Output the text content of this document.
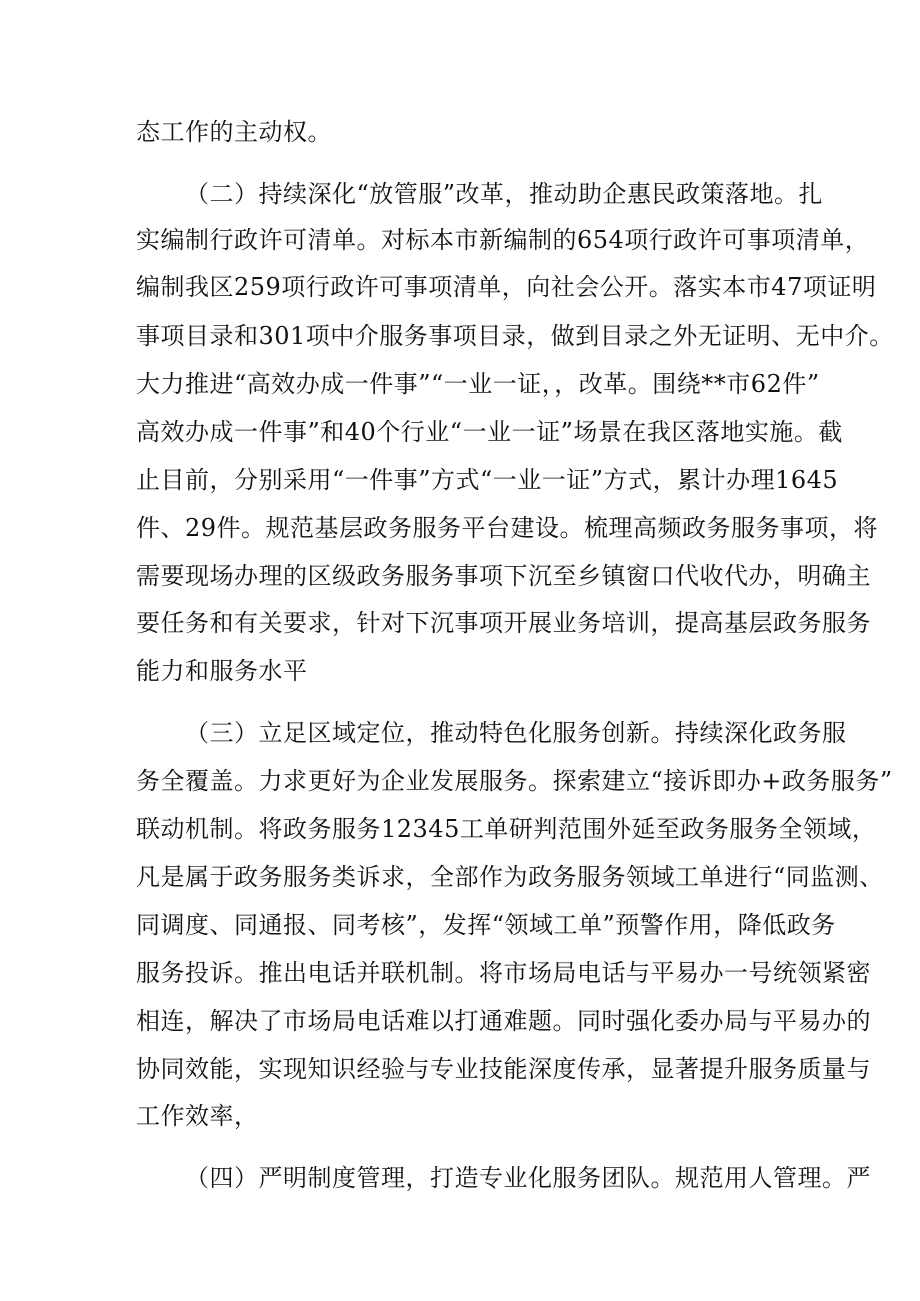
态工作的主动权。
（二）持续深化“放管服”改革，推动助企惠民政策落地。扎
实编制行政许可清单。对标本市新编制的654项行政许可事项清单，
编制我区259项行政许可事项清单，向社会公开。落实本市47项证明
事项目录和301项中介服务事项目录，做到目录之外无证明、无中介。
大力推进“高效办成一件事”“一业一证，，改革。围绕**市62件”
高效办成一件事”和40个行业“一业一证”场景在我区落地实施。截
止目前，分别采用“一件事”方式“一业一证”方式，累计办理1645
件、29件。规范基层政务服务平台建设。梳理高频政务服务事项，将
需要现场办理的区级政务服务事项下沉至乡镇窗口代收代办，明确主
要任务和有关要求，针对下沉事项开展业务培训，提高基层政务服务
能力和服务水平
（三）立足区域定位，推动特色化服务创新。持续深化政务服
务全覆盖。力求更好为企业发展服务。探索建立“接诉即办+政务服务”
联动机制。将政务服务12345工单研判范围外延至政务服务全领域，
凡是属于政务服务类诉求，全部作为政务服务领域工单进行“同监测、
同调度、同通报、同考核”，发挥“领域工单”预警作用，降低政务
服务投诉。推出电话并联机制。将市场局电话与平易办一号统领紧密
相连，解决了市场局电话难以打通难题。同时强化委办局与平易办的
协同效能，实现知识经验与专业技能深度传承，显著提升服务质量与
工作效率，
（四）严明制度管理，打造专业化服务团队。规范用人管理。严
